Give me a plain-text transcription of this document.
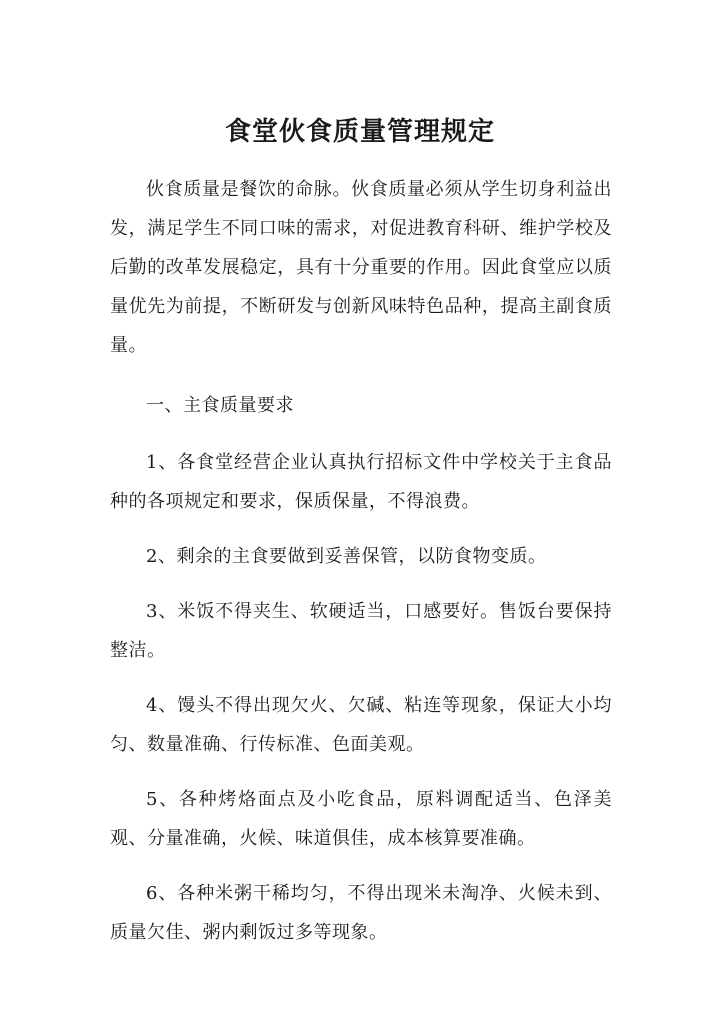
食堂伙食质量管理规定

伙食质量是餐饮的命脉。伙食质量必须从学生切身利益出发，满足学生不同口味的需求，对促进教育科研、维护学校及后勤的改革发展稳定，具有十分重要的作用。因此食堂应以质量优先为前提，不断研发与创新风味特色品种，提高主副食质量。

一、主食质量要求

1、各食堂经营企业认真执行招标文件中学校关于主食品种的各项规定和要求，保质保量，不得浪费。

2、剩余的主食要做到妥善保管，以防食物变质。

3、米饭不得夹生、软硬适当，口感要好。售饭台要保持整洁。

4、馒头不得出现欠火、欠碱、粘连等现象，保证大小均匀、数量准确、行传标准、色面美观。

5、各种烤烙面点及小吃食品，原料调配适当、色泽美观、分量准确，火候、味道俱佳，成本核算要准确。

6、各种米粥干稀均匀，不得出现米未淘净、火候未到、质量欠佳、粥内剩饭过多等现象。
